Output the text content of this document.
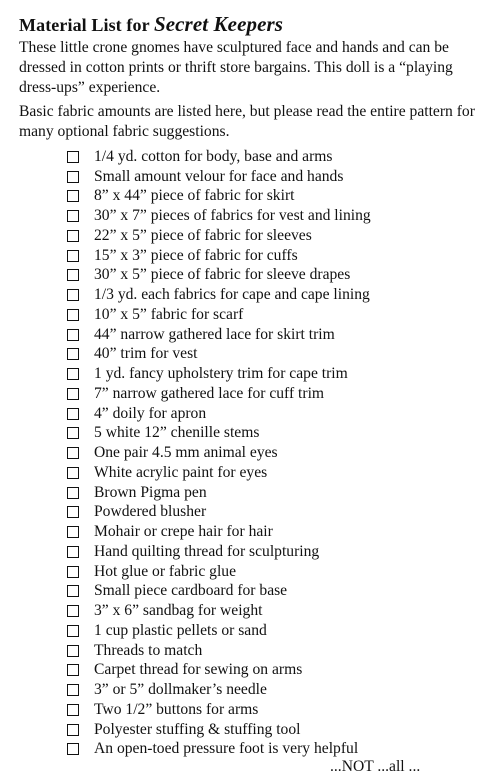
Material List for Secret Keepers
These little crone gnomes have sculptured face and hands and can be dressed in cotton prints or thrift store bargains. This doll is a “playing dress-ups” experience.
Basic fabric amounts are listed here, but please read the entire pattern for many optional fabric suggestions.
1/4 yd. cotton for body, base and arms
Small amount velour for face and hands
8” x 44” piece of fabric for skirt
30” x 7” pieces of fabrics for vest and lining
22” x 5” piece of fabric for sleeves
15” x 3” piece of fabric for cuffs
30” x 5” piece of fabric for sleeve drapes
1/3 yd. each fabrics for cape and cape lining
10” x 5” fabric for scarf
44” narrow gathered lace for skirt trim
40” trim for vest
1 yd. fancy upholstery trim for cape trim
7” narrow gathered lace for cuff trim
4” doily for apron
5 white 12” chenille stems
One pair 4.5 mm animal eyes
White acrylic paint for eyes
Brown Pigma pen
Powdered blusher
Mohair or crepe hair for hair
Hand quilting thread for sculpturing
Hot glue or fabric glue
Small piece cardboard for base
3” x 6” sandbag for weight
1 cup plastic pellets or sand
Threads to match
Carpet thread for sewing on arms
3” or 5” dollmaker’s needle
Two 1/2” buttons for arms
Polyester stuffing & stuffing tool
An open-toed pressure foot is very helpful
...NOT ...all ...
